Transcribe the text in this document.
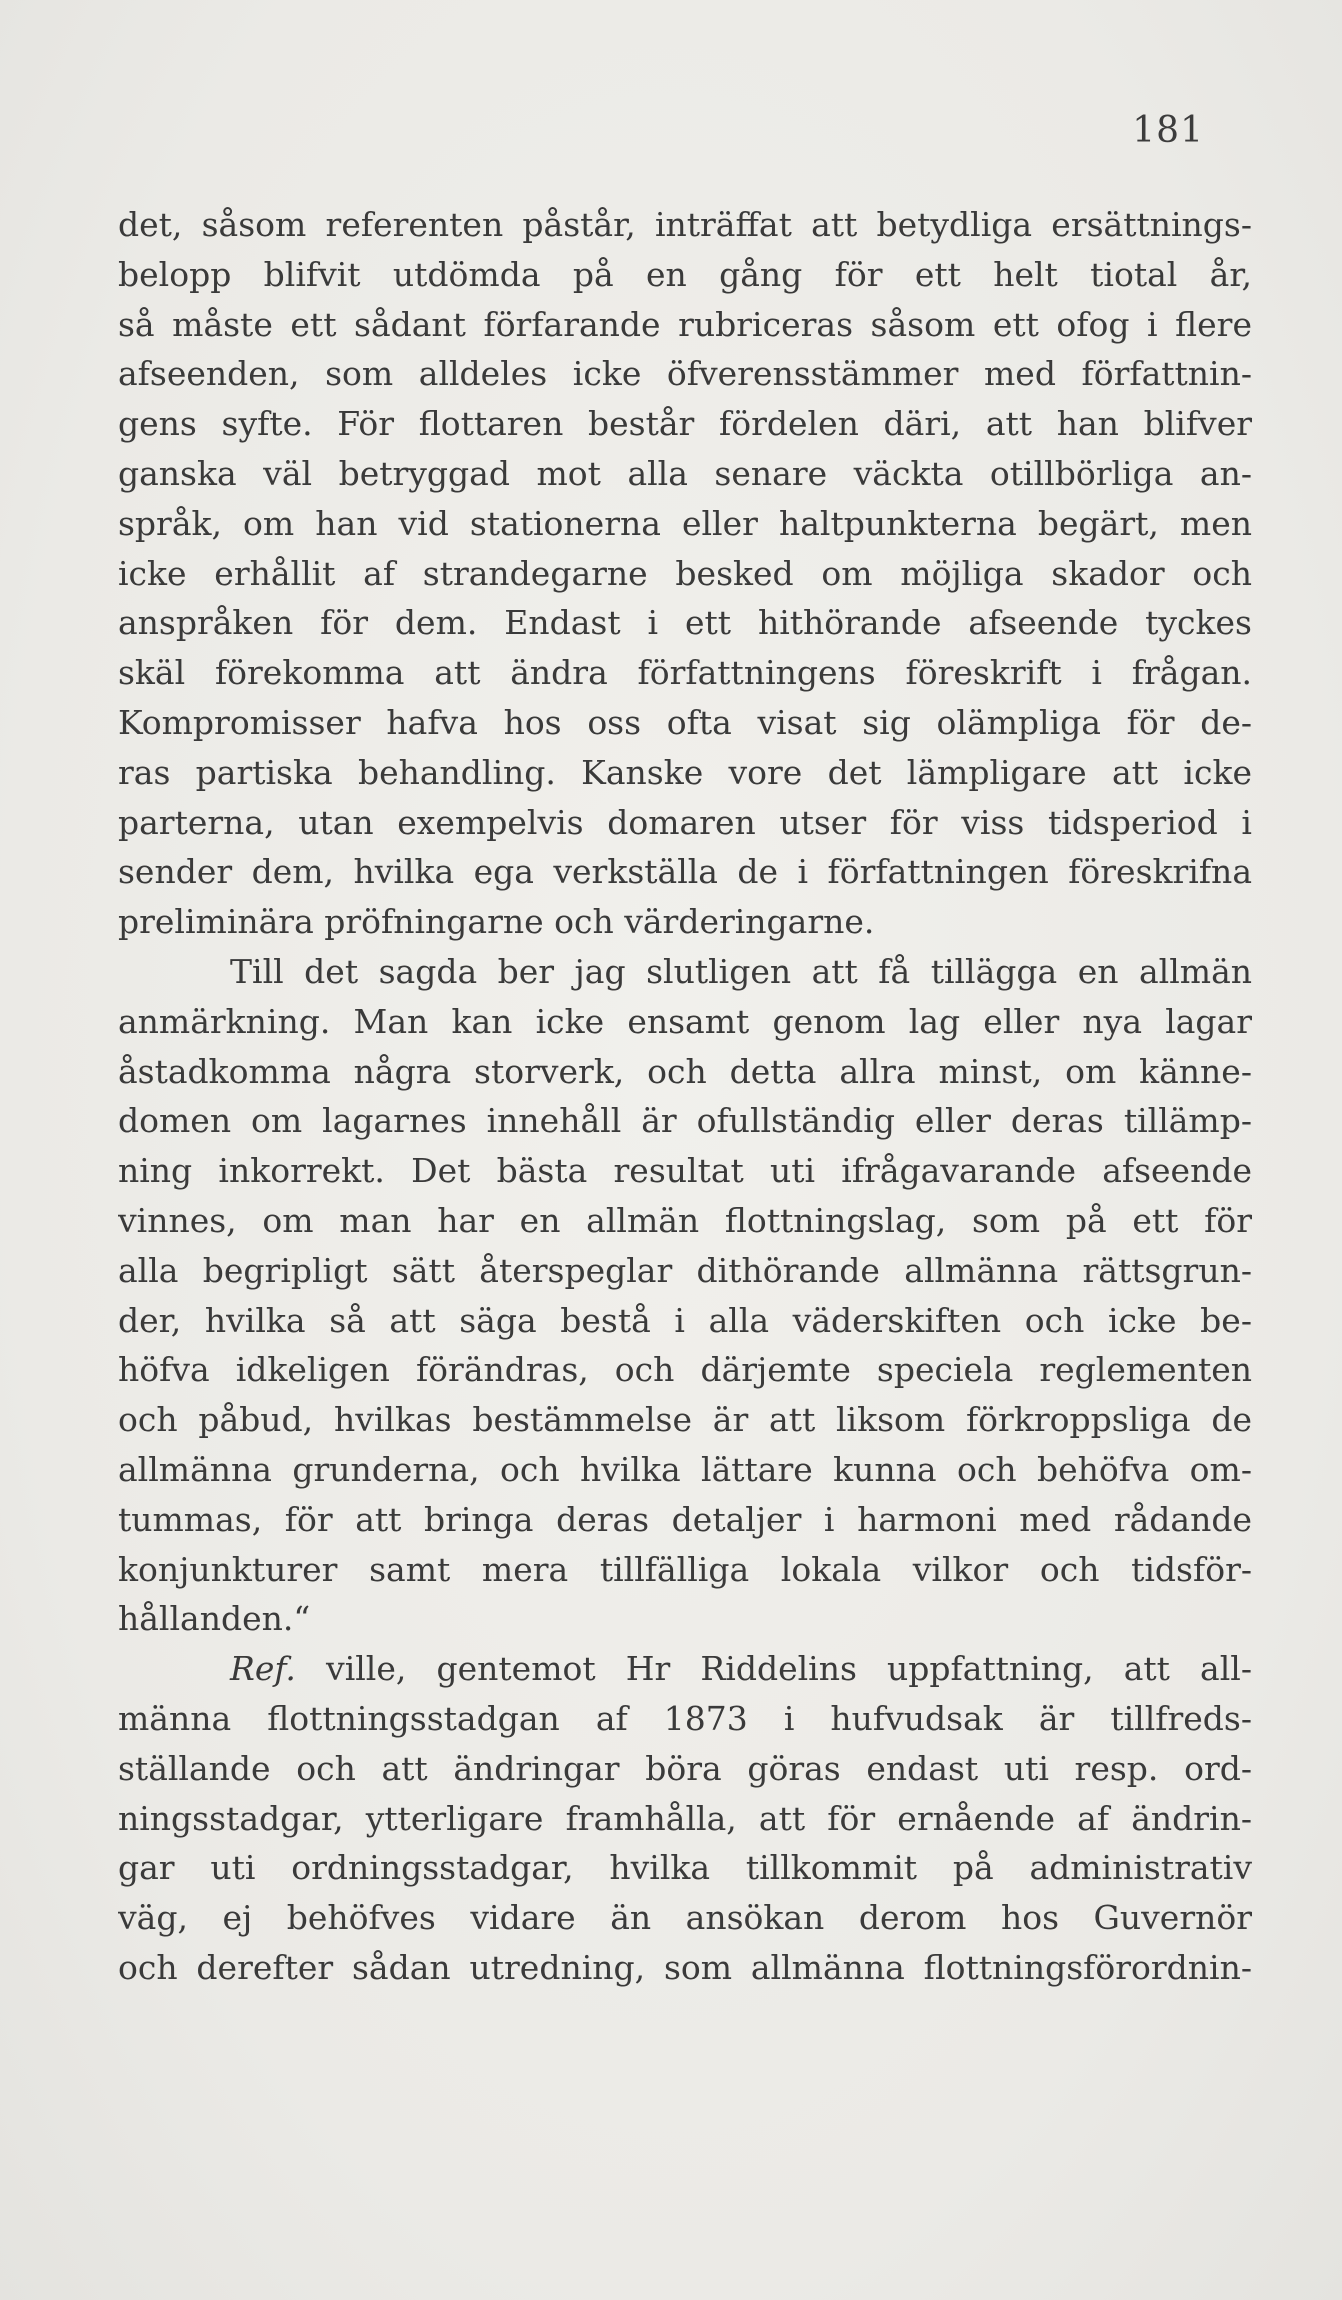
181
det, såsom referenten påstår, inträffat att betydliga ersättnings-
belopp blifvit utdömda på en gång för ett helt tiotal år,
så måste ett sådant förfarande rubriceras såsom ett ofog i flere
afseenden, som alldeles icke öfverensstämmer med författnin-
gens syfte. För flottaren består fördelen däri, att han blifver
ganska väl betryggad mot alla senare väckta otillbörliga an-
språk, om han vid stationerna eller haltpunkterna begärt, men
icke erhållit af strandegarne besked om möjliga skador och
anspråken för dem. Endast i ett hithörande afseende tyckes
skäl förekomma att ändra författningens föreskrift i frågan.
Kompromisser hafva hos oss ofta visat sig olämpliga för de-
ras partiska behandling. Kanske vore det lämpligare att icke
parterna, utan exempelvis domaren utser för viss tidsperiod i
sender dem, hvilka ega verkställa de i författningen föreskrifna
preliminära pröfningarne och värderingarne.
Till det sagda ber jag slutligen att få tillägga en allmän
anmärkning. Man kan icke ensamt genom lag eller nya lagar
åstadkomma några storverk, och detta allra minst, om känne-
domen om lagarnes innehåll är ofullständig eller deras tillämp-
ning inkorrekt. Det bästa resultat uti ifrågavarande afseende
vinnes, om man har en allmän flottningslag, som på ett för
alla begripligt sätt återspeglar dithörande allmänna rättsgrun-
der, hvilka så att säga bestå i alla väderskiften och icke be-
höfva idkeligen förändras, och därjemte speciela reglementen
och påbud, hvilkas bestämmelse är att liksom förkroppsliga de
allmänna grunderna, och hvilka lättare kunna och behöfva om-
tummas, för att bringa deras detaljer i harmoni med rådande
konjunkturer samt mera tillfälliga lokala vilkor och tidsför-
hållanden.“
Ref. ville, gentemot Hr Riddelins uppfattning, att all-
männa flottningsstadgan af 1873 i hufvudsak är tillfreds-
ställande och att ändringar böra göras endast uti resp. ord-
ningsstadgar, ytterligare framhålla, att för ernående af ändrin-
gar uti ordningsstadgar, hvilka tillkommit på administrativ
väg, ej behöfves vidare än ansökan derom hos Guvernör
och derefter sådan utredning, som allmänna flottningsförordnin-
